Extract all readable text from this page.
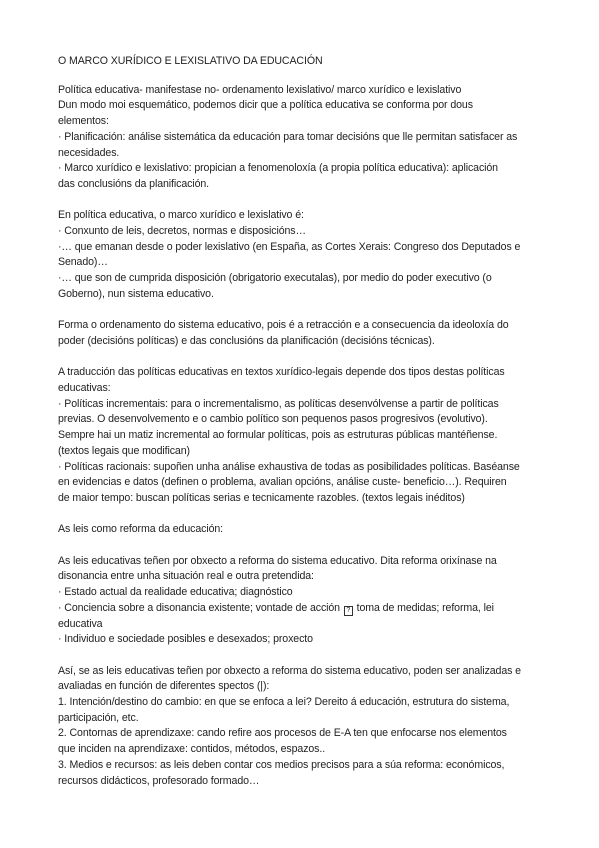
O MARCO XURÍDICO E LEXISLATIVO DA EDUCACIÓN
Política educativa- manifestase no- ordenamento lexislativo/ marco xurídico e lexislativo
Dun modo moi esquemático, podemos dicir que a política educativa se conforma por dous
elementos:
· Planificación: análise sistemática da educación para tomar decisións que lle permitan satisfacer as
necesidades.
· Marco xurídico e lexislativo: propician a fenomenoloxía (a propia política educativa): aplicación
das conclusións da planificación.
En política educativa, o marco xurídico e lexislativo é:
· Conxunto de leis, decretos, normas e disposicións…
·… que emanan desde o poder lexislativo (en España, as Cortes Xerais: Congreso dos Deputados e
Senado)…
·… que son de cumprida disposición (obrigatorio executalas), por medio do poder executivo (o
Goberno), nun sistema educativo.
Forma o ordenamento do sistema educativo, pois é a retracción e a consecuencia da ideoloxía do
poder (decisións políticas) e das conclusións da planificación (decisións técnicas).
A traducción das políticas educativas en textos xurídico-legais depende dos tipos destas políticas
educativas:
· Políticas incrementais: para o incrementalismo, as políticas desenvólvense a partir de políticas
previas. O desenvolvemento e o cambio político son pequenos pasos progresivos (evolutivo).
Sempre hai un matiz incremental ao formular políticas, pois as estruturas públicas mantéñense.
(textos legais que modifican)
· Políticas racionais: supoñen unha análise exhaustiva de todas as posibilidades políticas. Baséanse
en evidencias e datos (definen o problema, avalian opcións, análise custe- beneficio…). Requiren
de maior tempo: buscan políticas serias e tecnicamente razobles. (textos legais inéditos)
As leis como reforma da educación:
As leis educativas teñen por obxecto a reforma do sistema educativo. Dita reforma orixínase na
disonancia entre unha situación real e outra pretendida:
· Estado actual da realidade educativa; diagnóstico
· Conciencia sobre a disonancia existente; vontade de acción ? toma de medidas; reforma, lei
educativa
· Individuo e sociedade posibles e desexados; proxecto
Así, se as leis educativas teñen por obxecto a reforma do sistema educativo, poden ser analizadas e
avaliadas en función de diferentes spectos (|):
1. Intención/destino do cambio: en que se enfoca a lei? Dereito á educación, estrutura do sistema,
participación, etc.
2. Contornas de aprendizaxe: cando refire aos procesos de E-A ten que enfocarse nos elementos
que inciden na aprendizaxe: contidos, métodos, espazos..
3. Medios e recursos: as leis deben contar cos medios precisos para a súa reforma: económicos,
recursos didácticos, profesorado formado…
